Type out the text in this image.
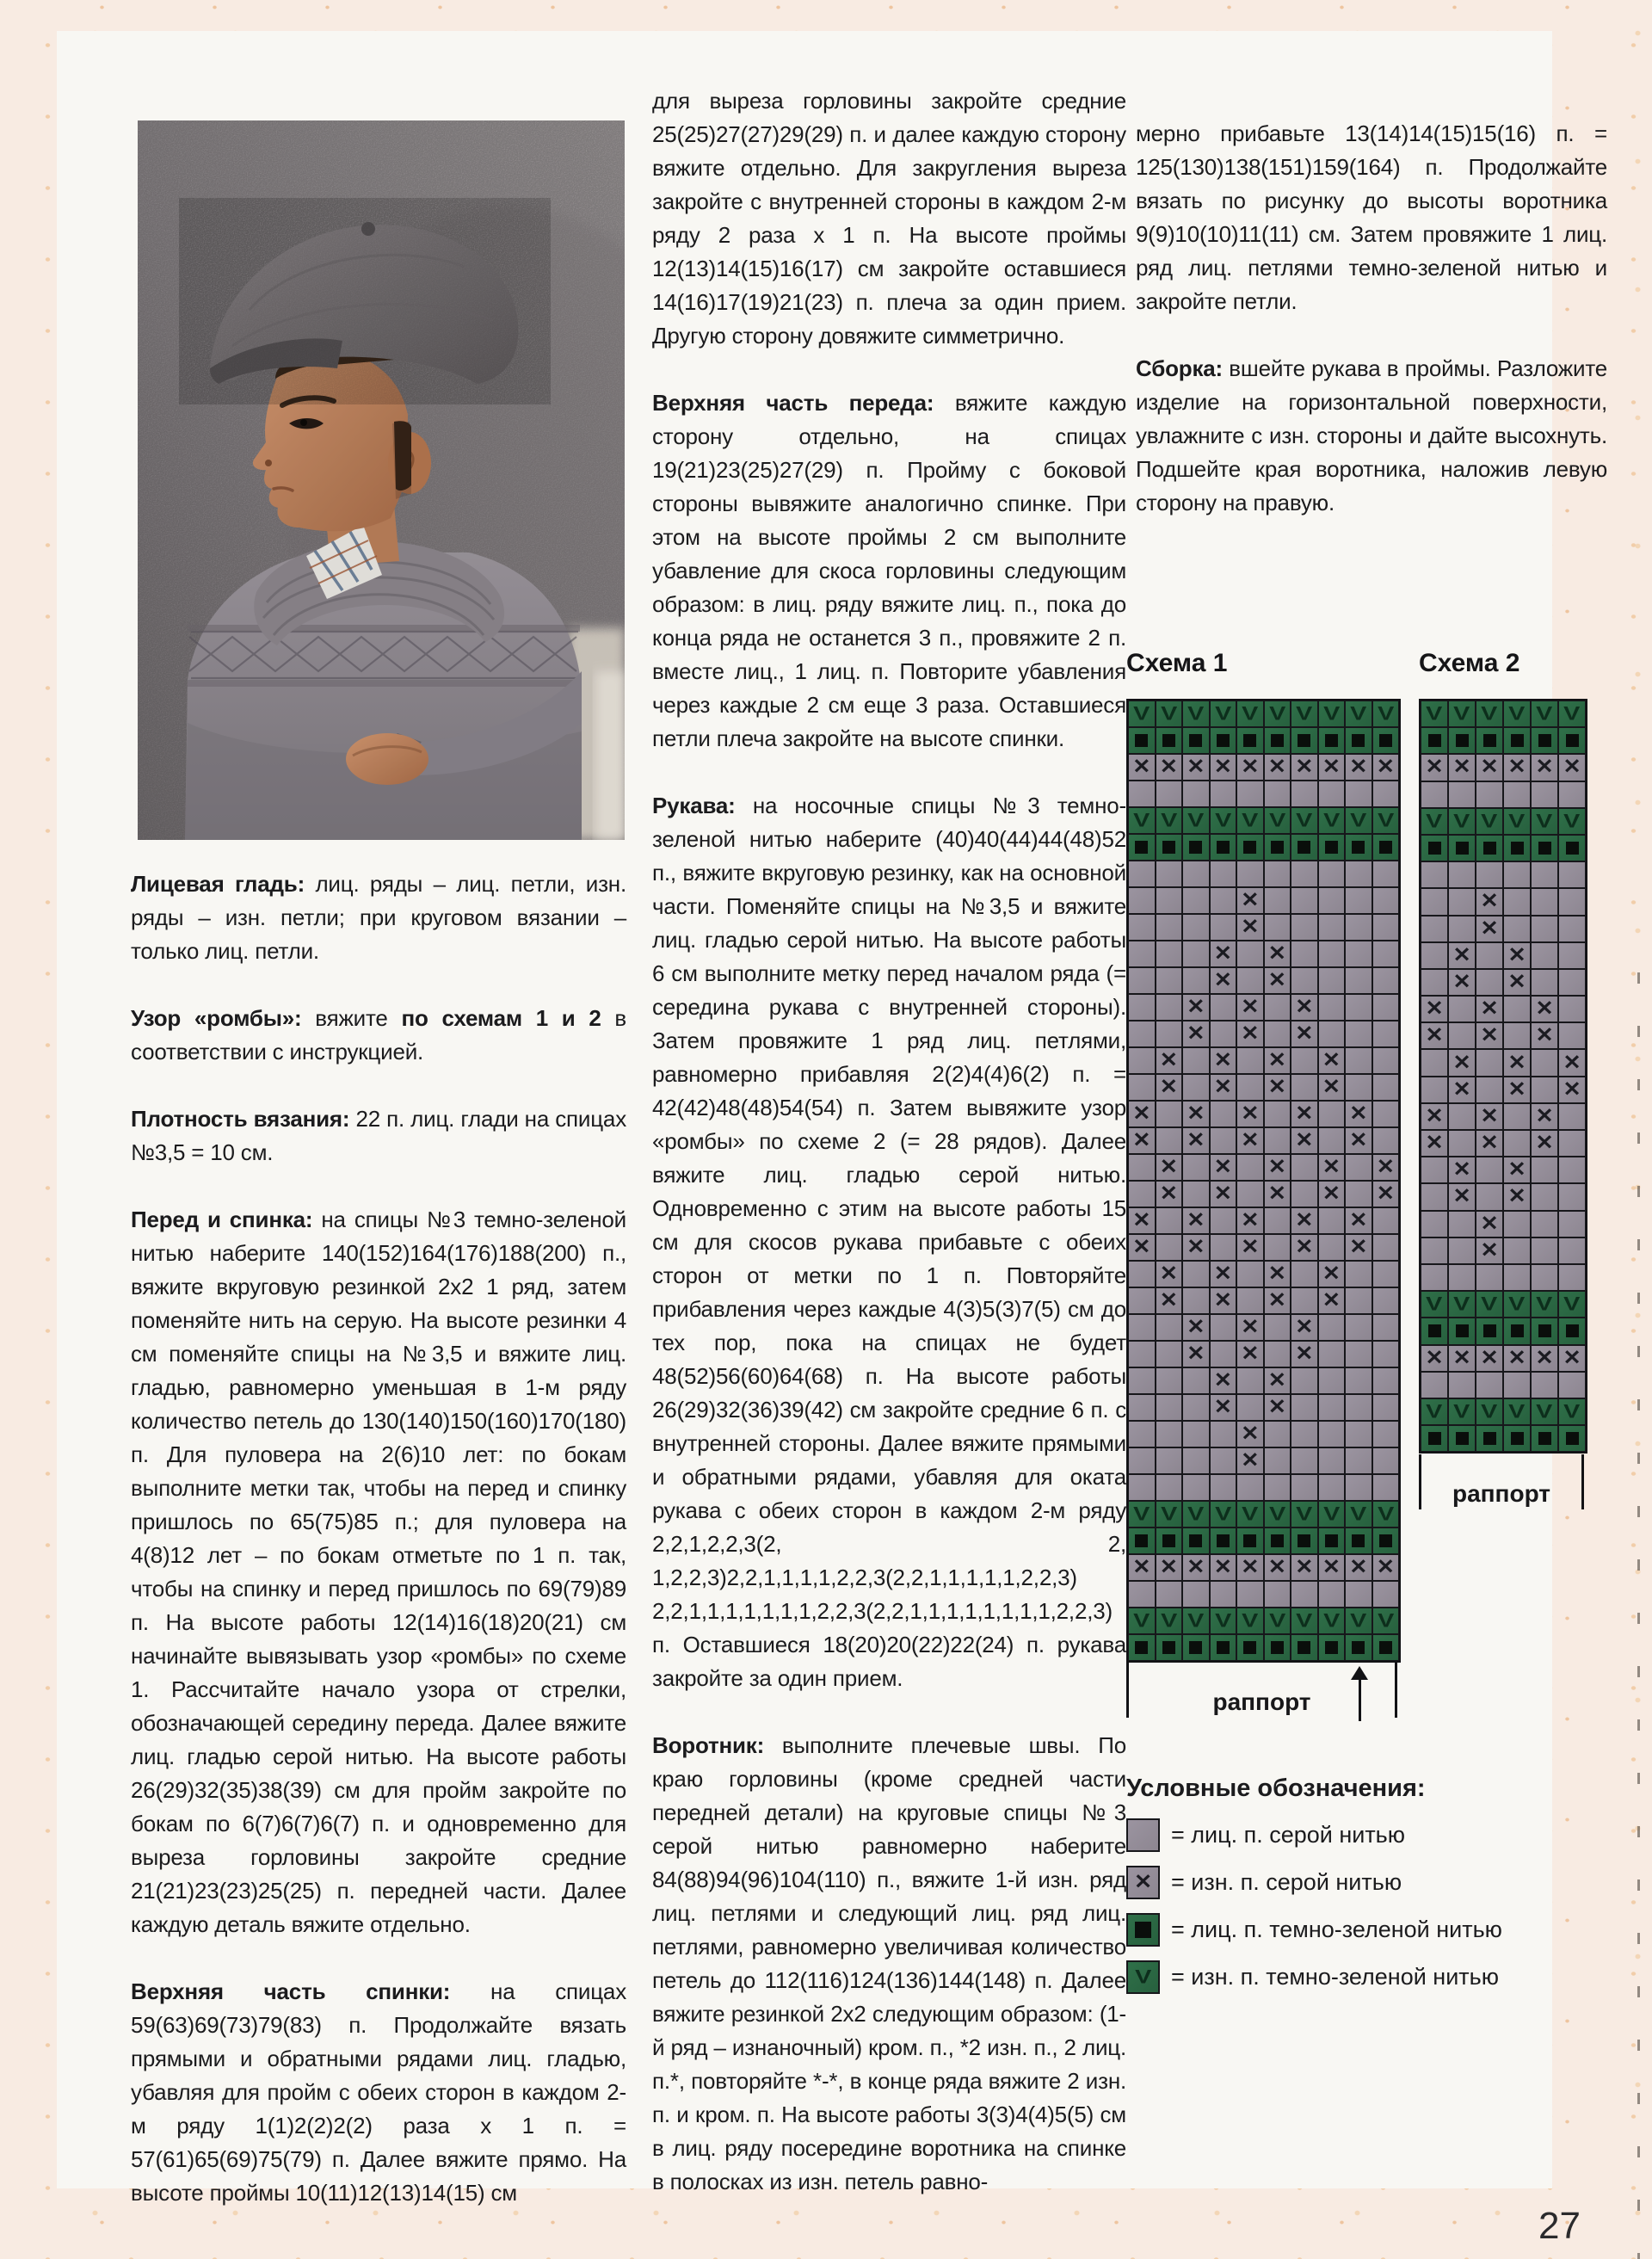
Лицевая гладь: лиц. ряды – лиц. петли, изн. ряды – изн. петли; при круговом вязании – только лиц. петли.

Узор «ромбы»: вяжите по схемам 1 и 2 в соответствии с инструкцией.

Плотность вязания: 22 п. лиц. глади на спицах №3,5 = 10 см.

Перед и спинка: на спицы №3 темно-зеленой нитью наберите 140(152)164(176)188(200) п., вяжите вкруговую резинкой 2х2 1 ряд, затем поменяйте нить на серую. На высоте резинки 4 см поменяйте спицы на №3,5 и вяжите лиц. гладью, равномерно уменьшая в 1-м ряду количество петель до 130(140)150(160)170(180) п. Для пуловера на 2(6)10 лет: по бокам выполните метки так, чтобы на перед и спинку пришлось по 65(75)85 п.; для пуловера на 4(8)12 лет – по бокам отметьте по 1 п. так, чтобы на спинку и перед пришлось по 69(79)89 п. На высоте работы 12(14)16(18)20(21) см начинайте вывязывать узор «ромбы» по схеме 1. Рассчитайте начало узора от стрелки, обозначающей середину переда. Далее вяжите лиц. гладью серой нитью. На высоте работы 26(29)32(35)38(39) см для пройм закройте по бокам по 6(7)6(7)6(7) п. и одновременно для выреза горловины закройте средние 21(21)23(23)25(25) п. передней части. Далее каждую деталь вяжите отдельно.

Верхняя часть спинки: на спицах 59(63)69(73)79(83) п. Продолжайте вязать прямыми и обратными рядами лиц. гладью, убавляя для пройм с обеих сторон в каждом 2-м ряду 1(1)2(2)2(2) раза х 1 п. = 57(61)65(69)75(79) п. Далее вяжите прямо. На высоте проймы 10(11)12(13)14(15) см

для выреза горловины закройте средние 25(25)27(27)29(29) п. и далее каждую сторону вяжите отдельно. Для закругления выреза закройте с внутренней стороны в каждом 2-м ряду 2 раза х 1 п. На высоте проймы 12(13)14(15)16(17) см закройте оставшиеся 14(16)17(19)21(23) п. плеча за один прием. Другую сторону довяжите симметрично.

Верхняя часть переда: вяжите каждую сторону отдельно, на спицах 19(21)23(25)27(29) п. Пройму с боковой стороны вывяжите аналогично спинке. При этом на высоте проймы 2 см выполните убавление для скоса горловины следующим образом: в лиц. ряду вяжите лиц. п., пока до конца ряда не останется 3 п., провяжите 2 п. вместе лиц., 1 лиц. п. Повторите убавления через каждые 2 см еще 3 раза. Оставшиеся петли плеча закройте на высоте спинки.

Рукава: на носочные спицы №3 темно-зеленой нитью наберите (40)40(44)44(48)52 п., вяжите вкруговую резинку, как на основной части. Поменяйте спицы на №3,5 и вяжите лиц. гладью серой нитью. На высоте работы 6 см выполните метку перед началом ряда (= середина рукава с внутренней стороны). Затем провяжите 1 ряд лиц. петлями, равномерно прибавляя 2(2)4(4)6(2) п. = 42(42)48(48)54(54) п. Затем вывяжите узор «ромбы» по схеме 2 (= 28 рядов). Далее вяжите лиц. гладью серой нитью. Одновременно с этим на высоте работы 15 см для скосов рукава прибавьте с обеих сторон от метки по 1 п. Повторяйте прибавления через каждые 4(3)5(3)7(5) см до тех пор, пока на спицах не будет 48(52)56(60)64(68) п. На высоте работы 26(29)32(36)39(42) см закройте средние 6 п. с внутренней стороны. Далее вяжите прямыми и обратными рядами, убавляя для оката рукава с обеих сторон в каждом 2-м ряду 2,2,1,2,2,3(2, 2, 1,2,2,3)2,2,1,1,1,1,2,2,3(2,2,1,1,1,1,1,2,2,3) 2,2,1,1,1,1,1,1,1,2,2,3(2,2,1,1,1,1,1,1,1,1,2,2,3) п. Оставшиеся 18(20)20(22)22(24) п. рукава закройте за один прием.

Воротник: выполните плечевые швы. По краю горловины (кроме средней части передней детали) на круговые спицы №3 серой нитью равномерно наберите 84(88)94(96)104(110) п., вяжите 1-й изн. ряд лиц. петлями и следующий лиц. ряд лиц. петлями, равномерно увеличивая количество петель до 112(116)124(136)144(148) п. Далее вяжите резинкой 2х2 следующим образом: (1-й ряд – изнаночный) кром. п., *2 изн. п., 2 лиц. п.*, повторяйте *-*, в конце ряда вяжите 2 изн. п. и кром. п. На высоте работы 3(3)4(4)5(5) см в лиц. ряду посередине воротника на спинке в полосках из изн. петель равно-

мерно прибавьте 13(14)14(15)15(16) п. = 125(130)138(151)159(164) п. Продолжайте вязать по рисунку до высоты воротника 9(9)10(10)11(11) см. Затем провяжите 1 лиц. ряд лиц. петлями темно-зеленой нитью и закройте петли.

Сборка: вшейте рукава в проймы. Разложите изделие на горизонтальной поверхности, увлажните с изн. стороны и дайте высохнуть. Подшейте края воротника, наложив левую сторону на правую.

Схема 1
V V V V V V V V V V
✕ ✕ ✕ ✕ ✕ ✕ ✕ ✕ ✕ ✕
V V V V V V V V V V
✕
✕
✕ ✕
✕ ✕
✕ ✕ ✕
✕ ✕ ✕
✕ ✕ ✕ ✕
✕ ✕ ✕ ✕
✕ ✕ ✕ ✕ ✕
✕ ✕ ✕ ✕ ✕
✕ ✕ ✕ ✕ ✕
✕ ✕ ✕ ✕ ✕
✕ ✕ ✕ ✕ ✕
✕ ✕ ✕ ✕ ✕
✕ ✕ ✕ ✕
✕ ✕ ✕ ✕
✕ ✕ ✕
✕ ✕ ✕
✕ ✕
✕ ✕
✕
✕
V V V V V V V V V V
✕ ✕ ✕ ✕ ✕ ✕ ✕ ✕ ✕ ✕
V V V V V V V V V V
раппорт
Схема 2
V V V V V V
✕ ✕ ✕ ✕ ✕ ✕
V V V V V V
✕
✕
✕ ✕
✕ ✕
✕ ✕ ✕
✕ ✕ ✕
✕ ✕ ✕
✕ ✕ ✕
✕ ✕ ✕
✕ ✕ ✕
✕ ✕
✕ ✕
✕
✕
V V V V V V
✕ ✕ ✕ ✕ ✕ ✕
V V V V V V
раппорт
Условные обозначения:
= лиц. п. серой нитью
✕ = изн. п. серой нитью
= лиц. п. темно-зеленой нитью
V = изн. п. темно-зеленой нитью
27
